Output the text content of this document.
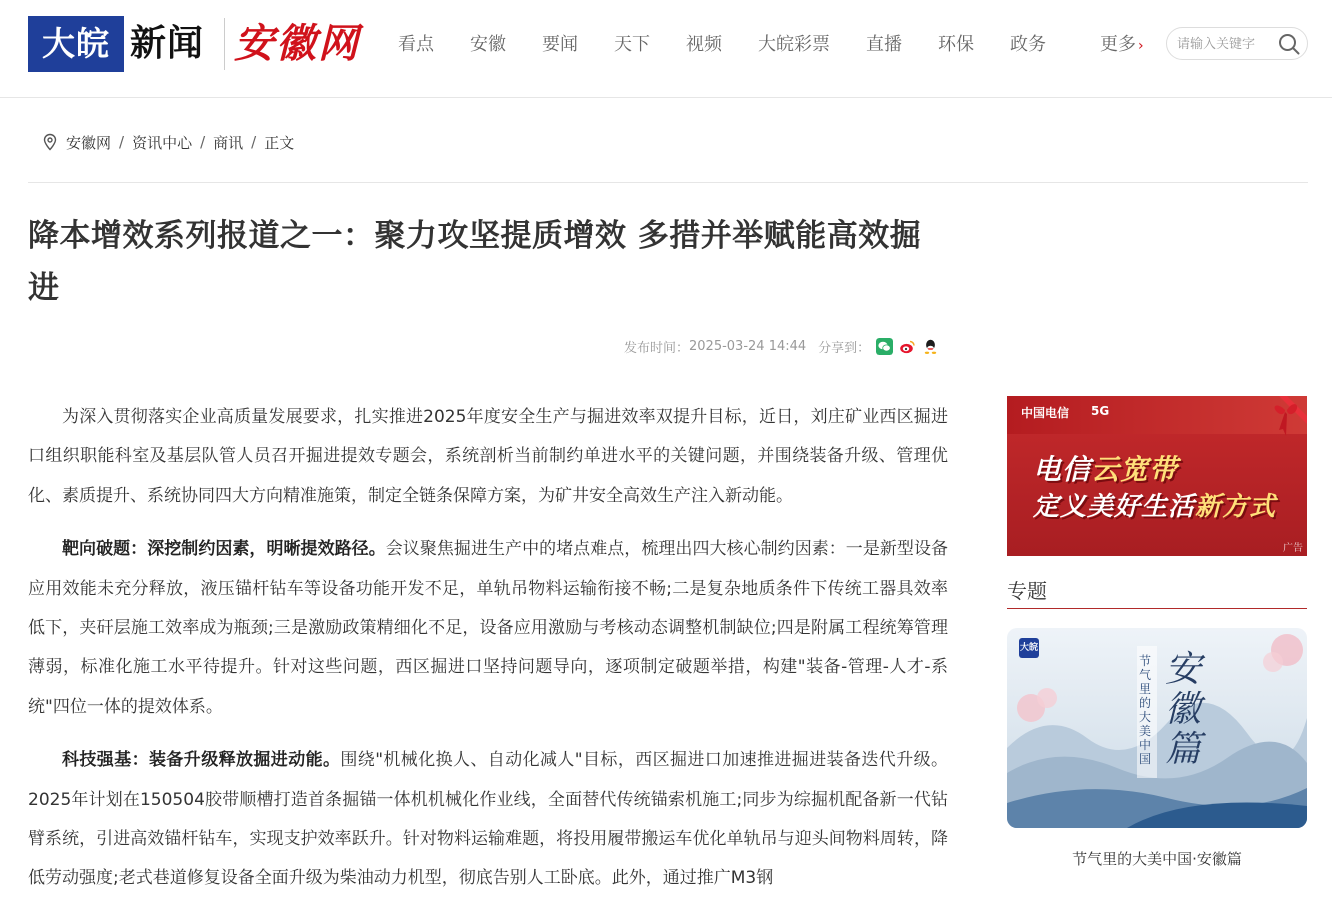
大皖 新闻 安徽网 看点 安徽 要闻 天下 视频 大皖彩票 直播 环保 政务	更多 ›
请输入关键字
安徽网 / 资讯中心 / 商讯 / 正文
降本增效系列报道之一：聚力攻坚提质增效 多措并举赋能高效掘进
发布时间： 2025-03-24 14:44 分享到：

为深入贯彻落实企业高质量发展要求，扎实推进2025年度安全生产与掘进效率双提升目标，近日，刘庄矿业西区掘进口组织职能科室及基层队管人员召开掘进提效专题会，系统剖析当前制约单进水平的关键问题，并围绕装备升级、管理优化、素质提升、系统协同四大方向精准施策，制定全链条保障方案，为矿井安全高效生产注入新动能。

靶向破题：深挖制约因素，明晰提效路径。会议聚焦掘进生产中的堵点难点，梳理出四大核心制约因素：一是新型设备应用效能未充分释放，液压锚杆钻车等设备功能开发不足，单轨吊物料运输衔接不畅;二是复杂地质条件下传统工器具效率低下，夹矸层施工效率成为瓶颈;三是激励政策精细化不足，设备应用激励与考核动态调整机制缺位;四是附属工程统筹管理薄弱，标准化施工水平待提升。针对这些问题，西区掘进口坚持问题导向，逐项制定破题举措，构建"装备-管理-人才-系统"四位一体的提效体系。

科技强基：装备升级释放掘进动能。围绕"机械化换人、自动化减人"目标，西区掘进口加速推进掘进装备迭代升级。2025年计划在150504胶带顺槽打造首条掘锚一体机机械化作业线，全面替代传统锚索机施工;同步为综掘机配备新一代钻臂系统，引进高效锚杆钻车，实现支护效率跃升。针对物料运输难题，将投用履带搬运车优化单轨吊与迎头间物料周转，降低劳动强度;老式巷道修复设备全面升级为柴油动力机型，彻底告别人工卧底。此外，通过推广M3钢

中国电信 5G
电信云宽带
定义美好生活新方式
广告
专题
大皖
节气里的大美中国
安徽篇
节气里的大美中国·安徽篇
